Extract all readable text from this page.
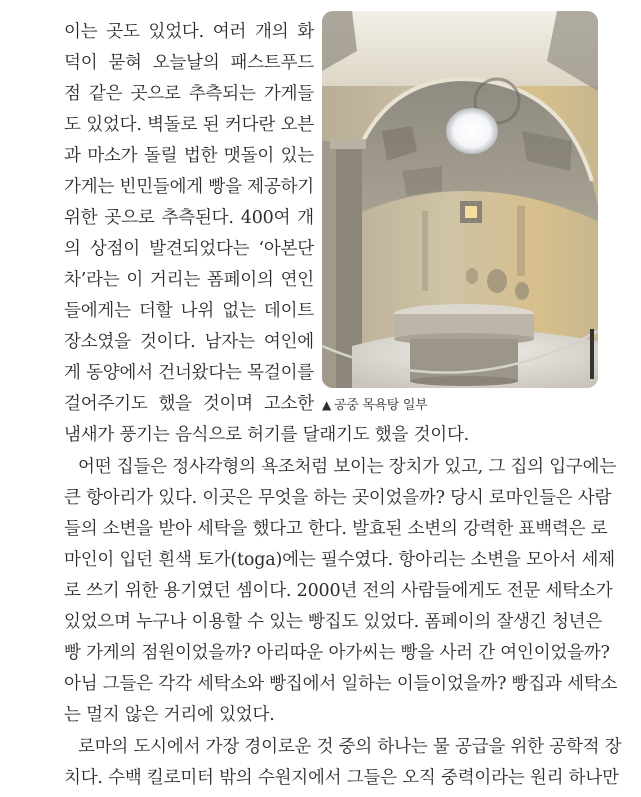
이는 곳도 있었다. 여러 개의 화
덕이 묻혀 오늘날의 패스트푸드
점 같은 곳으로 추측되는 가게들
도 있었다. 벽돌로 된 커다란 오븐
과 마소가 돌릴 법한 맷돌이 있는
가게는 빈민들에게 빵을 제공하기
위한 곳으로 추측된다. 400여 개
의 상점이 발견되었다는 ‘아본단
차’라는 이 거리는 폼페이의 연인
들에게는 더할 나위 없는 데이트
장소였을 것이다. 남자는 여인에
게 동양에서 건너왔다는 목걸이를
걸어주기도 했을 것이며 고소한
냄새가 풍기는 음식으로 허기를 달래기도 했을 것이다.
어떤 집들은 정사각형의 욕조처럼 보이는 장치가 있고, 그 집의 입구에는
큰 항아리가 있다. 이곳은 무엇을 하는 곳이었을까? 당시 로마인들은 사람
들의 소변을 받아 세탁을 했다고 한다. 발효된 소변의 강력한 표백력은 로
마인이 입던 흰색 토가(toga)에는 필수였다. 항아리는 소변을 모아서 세제
로 쓰기 위한 용기였던 셈이다. 2000년 전의 사람들에게도 전문 세탁소가
있었으며 누구나 이용할 수 있는 빵집도 있었다. 폼페이의 잘생긴 청년은
빵 가게의 점원이었을까? 아리따운 아가씨는 빵을 사러 간 여인이었을까?
아님 그들은 각각 세탁소와 빵집에서 일하는 이들이었을까? 빵집과 세탁소
는 멀지 않은 거리에 있었다.
로마의 도시에서 가장 경이로운 것 중의 하나는 물 공급을 위한 공학적 장
치다. 수백 킬로미터 밖의 수원지에서 그들은 오직 중력이라는 원리 하나만
▲ 공중 목욕탕 일부
